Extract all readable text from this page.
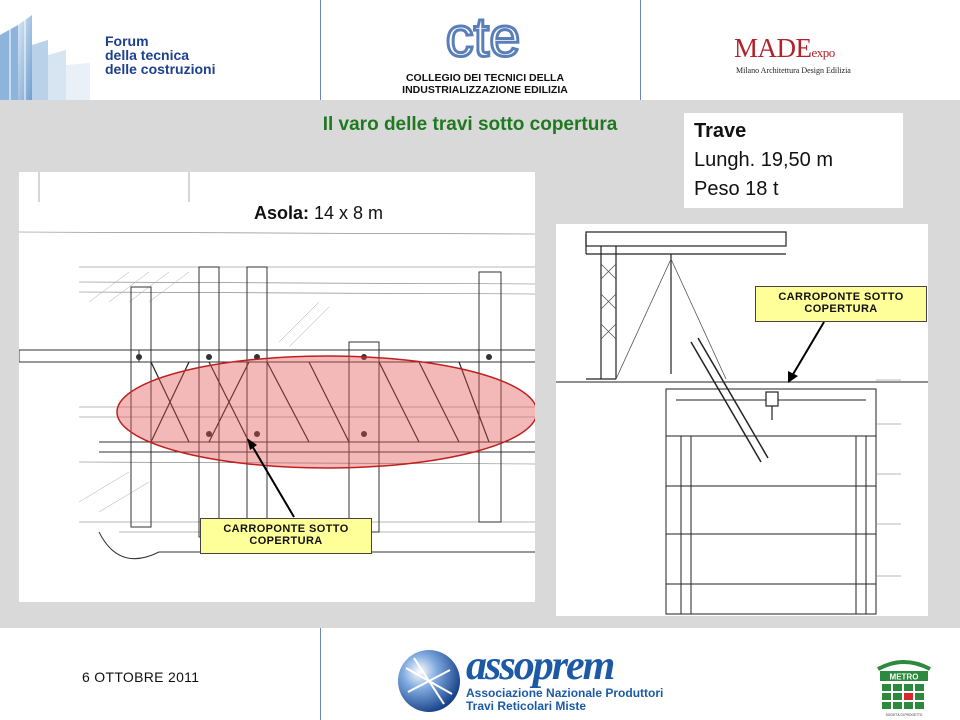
Forum
della tecnica
delle costruzioni
cte
COLLEGIO DEI TECNICI DELLA
INDUSTRIALIZZAZIONE EDILIZIA
MADEexpo
Milano Architettura Design Edilizia
Il varo delle travi sotto copertura	Trave
Lungh. 19,50 m
Peso 18 t
Asola: 14 x 8 m
CARROPONTE SOTTO
COPERTURA
CARROPONTE SOTTO
COPERTURA
6 OTTOBRE 2011	assoprem
Associazione Nazionale Produttori
Travi Reticolari Miste
METRO
SOCIETÀ DI PROGETTO
